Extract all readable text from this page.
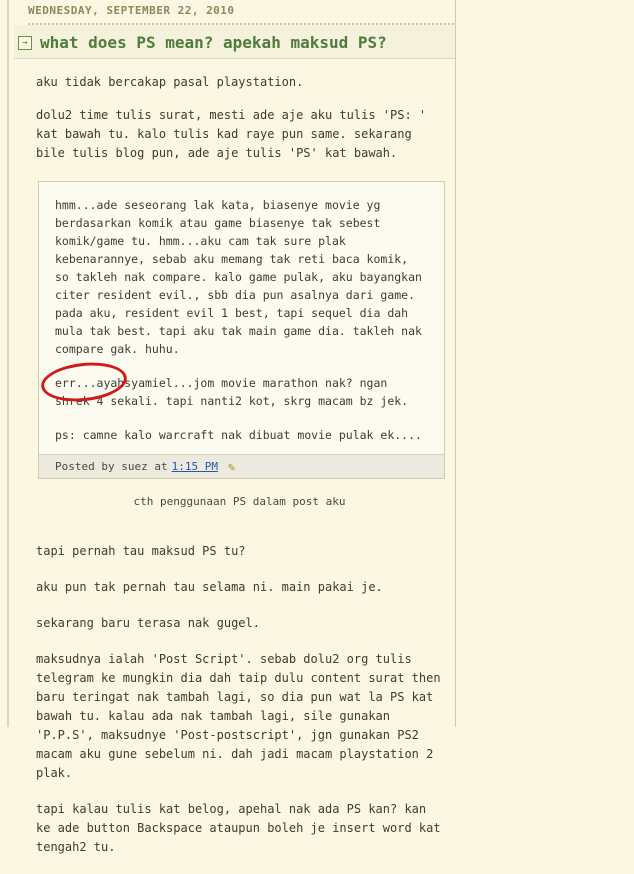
WEDNESDAY, SEPTEMBER 22, 2010
→ what does PS mean? apekah maksud PS?
aku tidak bercakap pasal playstation.
dolu2 time tulis surat, mesti ade aje aku tulis 'PS: ' kat bawah tu. kalo tulis kad raye pun same. sekarang bile tulis blog pun, ade aje tulis 'PS' kat bawah.

hmm...ade seseorang lak kata, biasenye movie yg berdasarkan komik atau game biasenye tak sebest komik/game tu. hmm...aku cam tak sure plak kebenarannye, sebab aku memang tak reti baca komik, so takleh nak compare. kalo game pulak, aku bayangkan citer resident evil., sbb dia pun asalnya dari game. pada aku, resident evil 1 best, tapi sequel dia dah mula tak best. tapi aku tak main game dia. takleh nak compare gak. huhu.

err...ayahsyamiel...jom movie marathon nak? ngan shrek 4 sekali. tapi nanti2 kot, skrg macam bz jek.

ps: camne kalo warcraft nak dibuat movie pulak ek....

Posted by suez at 1:15 PM ✎
cth penggunaan PS dalam post aku

tapi pernah tau maksud PS tu?

aku pun tak pernah tau selama ni. main pakai je.

sekarang baru terasa nak gugel.

maksudnya ialah 'Post Script'. sebab dolu2 org tulis telegram ke mungkin dia dah taip dulu content surat then baru teringat nak tambah lagi, so dia pun wat la PS kat bawah tu. kalau ada nak tambah lagi, sile gunakan 'P.P.S', maksudnye 'Post-postscript', jgn gunakan PS2 macam aku gune sebelum ni. dah jadi macam playstation 2 plak.

tapi kalau tulis kat belog, apehal nak ada PS kan? kan ke ade button Backspace ataupun boleh je insert word kat tengah2 tu.
